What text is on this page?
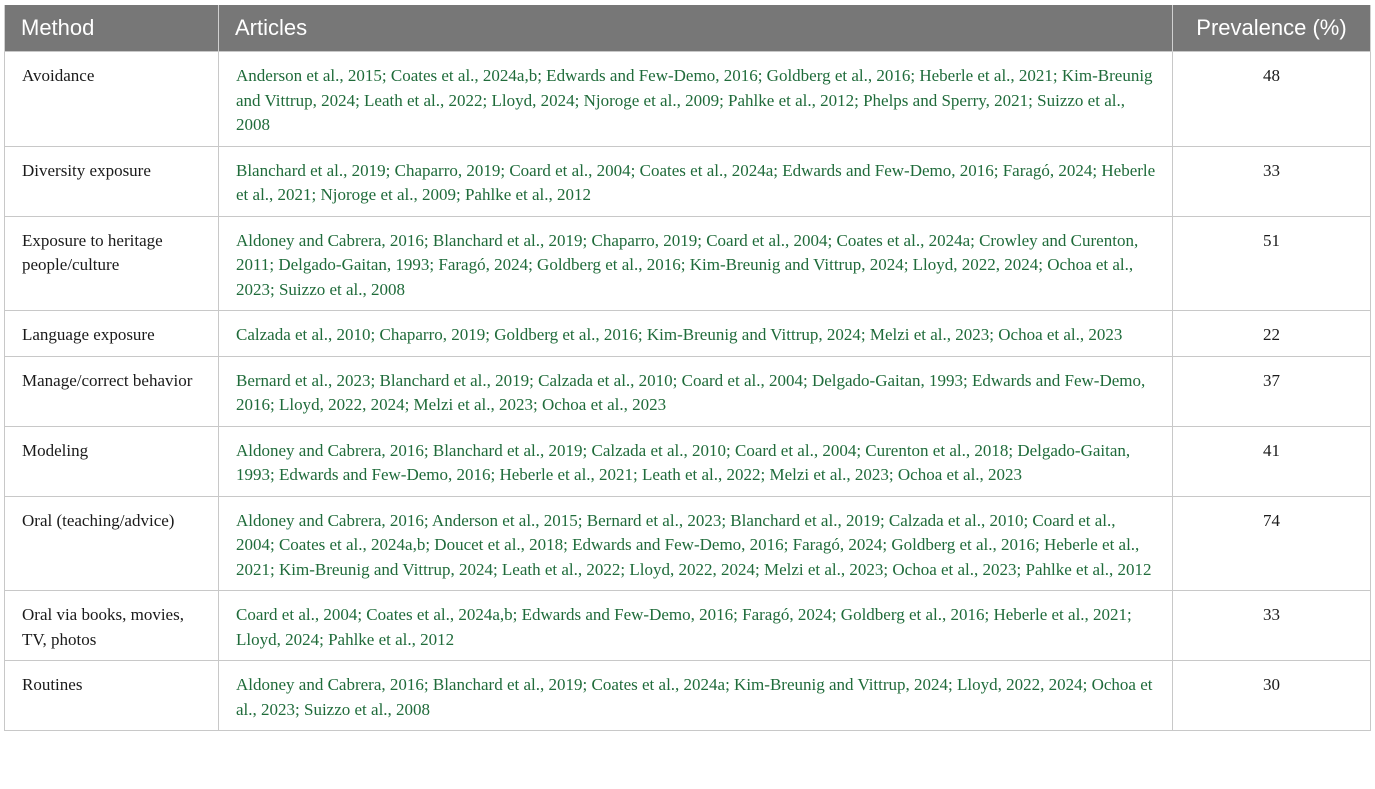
Method	Articles	Prevalence (%)
Avoidance	Anderson et al., 2015; Coates et al., 2024a,b; Edwards and Few-Demo, 2016; Goldberg et al., 2016; Heberle et al., 2021; Kim-Breunig and Vittrup, 2024; Leath et al., 2022; Lloyd, 2024; Njoroge et al., 2009; Pahlke et al., 2012; Phelps and Sperry, 2021; Suizzo et al., 2008	48
Diversity exposure	Blanchard et al., 2019; Chaparro, 2019; Coard et al., 2004; Coates et al., 2024a; Edwards and Few-Demo, 2016; Faragó, 2024; Heberle et al., 2021; Njoroge et al., 2009; Pahlke et al., 2012	33
Exposure to heritage people/culture	Aldoney and Cabrera, 2016; Blanchard et al., 2019; Chaparro, 2019; Coard et al., 2004; Coates et al., 2024a; Crowley and Curenton, 2011; Delgado-Gaitan, 1993; Faragó, 2024; Goldberg et al., 2016; Kim-Breunig and Vittrup, 2024; Lloyd, 2022, 2024; Ochoa et al., 2023; Suizzo et al., 2008	51
Language exposure	Calzada et al., 2010; Chaparro, 2019; Goldberg et al., 2016; Kim-Breunig and Vittrup, 2024; Melzi et al., 2023; Ochoa et al., 2023	22
Manage/correct behavior	Bernard et al., 2023; Blanchard et al., 2019; Calzada et al., 2010; Coard et al., 2004; Delgado-Gaitan, 1993; Edwards and Few-Demo, 2016; Lloyd, 2022, 2024; Melzi et al., 2023; Ochoa et al., 2023	37
Modeling	Aldoney and Cabrera, 2016; Blanchard et al., 2019; Calzada et al., 2010; Coard et al., 2004; Curenton et al., 2018; Delgado-Gaitan, 1993; Edwards and Few-Demo, 2016; Heberle et al., 2021; Leath et al., 2022; Melzi et al., 2023; Ochoa et al., 2023	41
Oral (teaching/advice)	Aldoney and Cabrera, 2016; Anderson et al., 2015; Bernard et al., 2023; Blanchard et al., 2019; Calzada et al., 2010; Coard et al., 2004; Coates et al., 2024a,b; Doucet et al., 2018; Edwards and Few-Demo, 2016; Faragó, 2024; Goldberg et al., 2016; Heberle et al., 2021; Kim-Breunig and Vittrup, 2024; Leath et al., 2022; Lloyd, 2022, 2024; Melzi et al., 2023; Ochoa et al., 2023; Pahlke et al., 2012	74
Oral via books, movies, TV, photos	Coard et al., 2004; Coates et al., 2024a,b; Edwards and Few-Demo, 2016; Faragó, 2024; Goldberg et al., 2016; Heberle et al., 2021; Lloyd, 2024; Pahlke et al., 2012	33
Routines	Aldoney and Cabrera, 2016; Blanchard et al., 2019; Coates et al., 2024a; Kim-Breunig and Vittrup, 2024; Lloyd, 2022, 2024; Ochoa et al., 2023; Suizzo et al., 2008	30
